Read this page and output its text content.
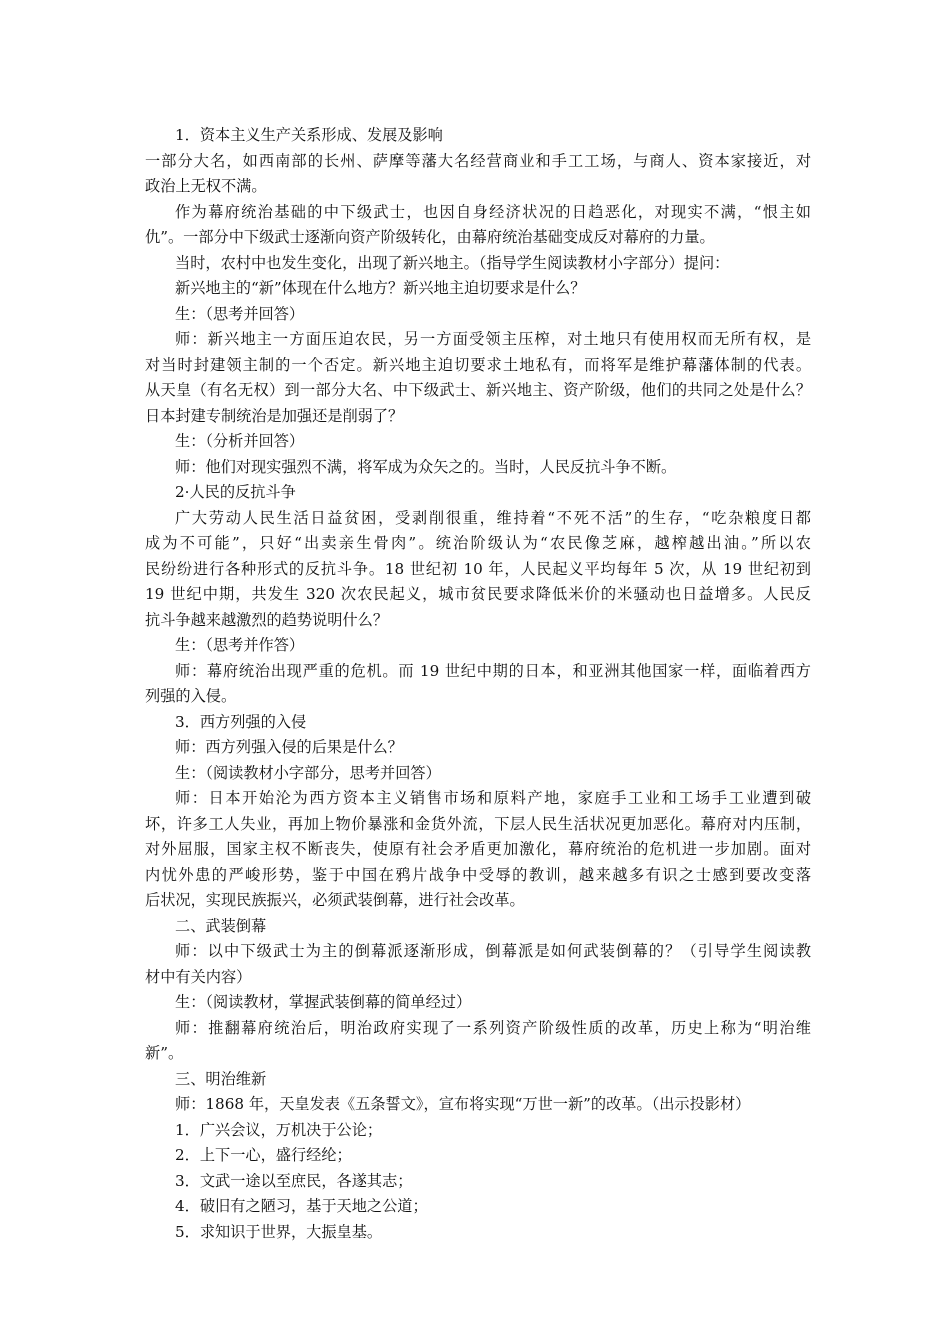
1．资本主义生产关系形成、发展及影响
一部分大名，如西南部的长州、萨摩等藩大名经营商业和手工工场，与商人、资本家接近，对
政治上无权不满。
作为幕府统治基础的中下级武士，也因自身经济状况的日趋恶化，对现实不满，“恨主如
仇”。一部分中下级武士逐渐向资产阶级转化，由幕府统治基础变成反对幕府的力量。
当时，农村中也发生变化，出现了新兴地主。（指导学生阅读教材小字部分）提问：
新兴地主的“新”体现在什么地方？新兴地主迫切要求是什么？
生：（思考并回答）
师：新兴地主一方面压迫农民，另一方面受领主压榨，对土地只有使用权而无所有权，是
对当时封建领主制的一个否定。新兴地主迫切要求土地私有，而将军是维护幕藩体制的代表。
从天皇（有名无权）到一部分大名、中下级武士、新兴地主、资产阶级，他们的共同之处是什么？
日本封建专制统治是加强还是削弱了？
生：（分析并回答）
师：他们对现实强烈不满，将军成为众矢之的。当时，人民反抗斗争不断。
2·人民的反抗斗争
广大劳动人民生活日益贫困，受剥削很重，维持着“不死不活”的生存，“吃杂粮度日都
成为不可能”，只好“出卖亲生骨肉”。统治阶级认为“农民像芝麻，越榨越出油。”所以农
民纷纷进行各种形式的反抗斗争。18 世纪初 10 年，人民起义平均每年 5 次，从 19 世纪初到
19 世纪中期，共发生 320 次农民起义，城市贫民要求降低米价的米骚动也日益增多。人民反
抗斗争越来越激烈的趋势说明什么？
生：（思考并作答）
师：幕府统治出现严重的危机。而 19 世纪中期的日本，和亚洲其他国家一样，面临着西方
列强的入侵。
3．西方列强的入侵
师：西方列强入侵的后果是什么？
生：（阅读教材小字部分，思考并回答）
师：日本开始沦为西方资本主义销售市场和原料产地，家庭手工业和工场手工业遭到破
坏，许多工人失业，再加上物价暴涨和金货外流，下层人民生活状况更加恶化。幕府对内压制，
对外屈服，国家主权不断丧失，使原有社会矛盾更加激化，幕府统治的危机进一步加剧。面对
内忧外患的严峻形势，鉴于中国在鸦片战争中受辱的教训，越来越多有识之士感到要改变落
后状况，实现民族振兴，必须武装倒幕，进行社会改革。
二、武装倒幕
师：以中下级武士为主的倒幕派逐渐形成，倒幕派是如何武装倒幕的？（引导学生阅读教
材中有关内容）
生：（阅读教材，掌握武装倒幕的简单经过）
师：推翻幕府统治后，明治政府实现了一系列资产阶级性质的改革，历史上称为“明治维
新”。
三、明治维新
师：1868 年，天皇发表《五条誓文》，宣布将实现“万世一新”的改革。（出示投影材）
1．广兴会议，万机决于公论；
2．上下一心，盛行经纶；
3．文武一途以至庶民，各遂其志；
4．破旧有之陋习，基于天地之公道；
5．求知识于世界，大振皇基。
